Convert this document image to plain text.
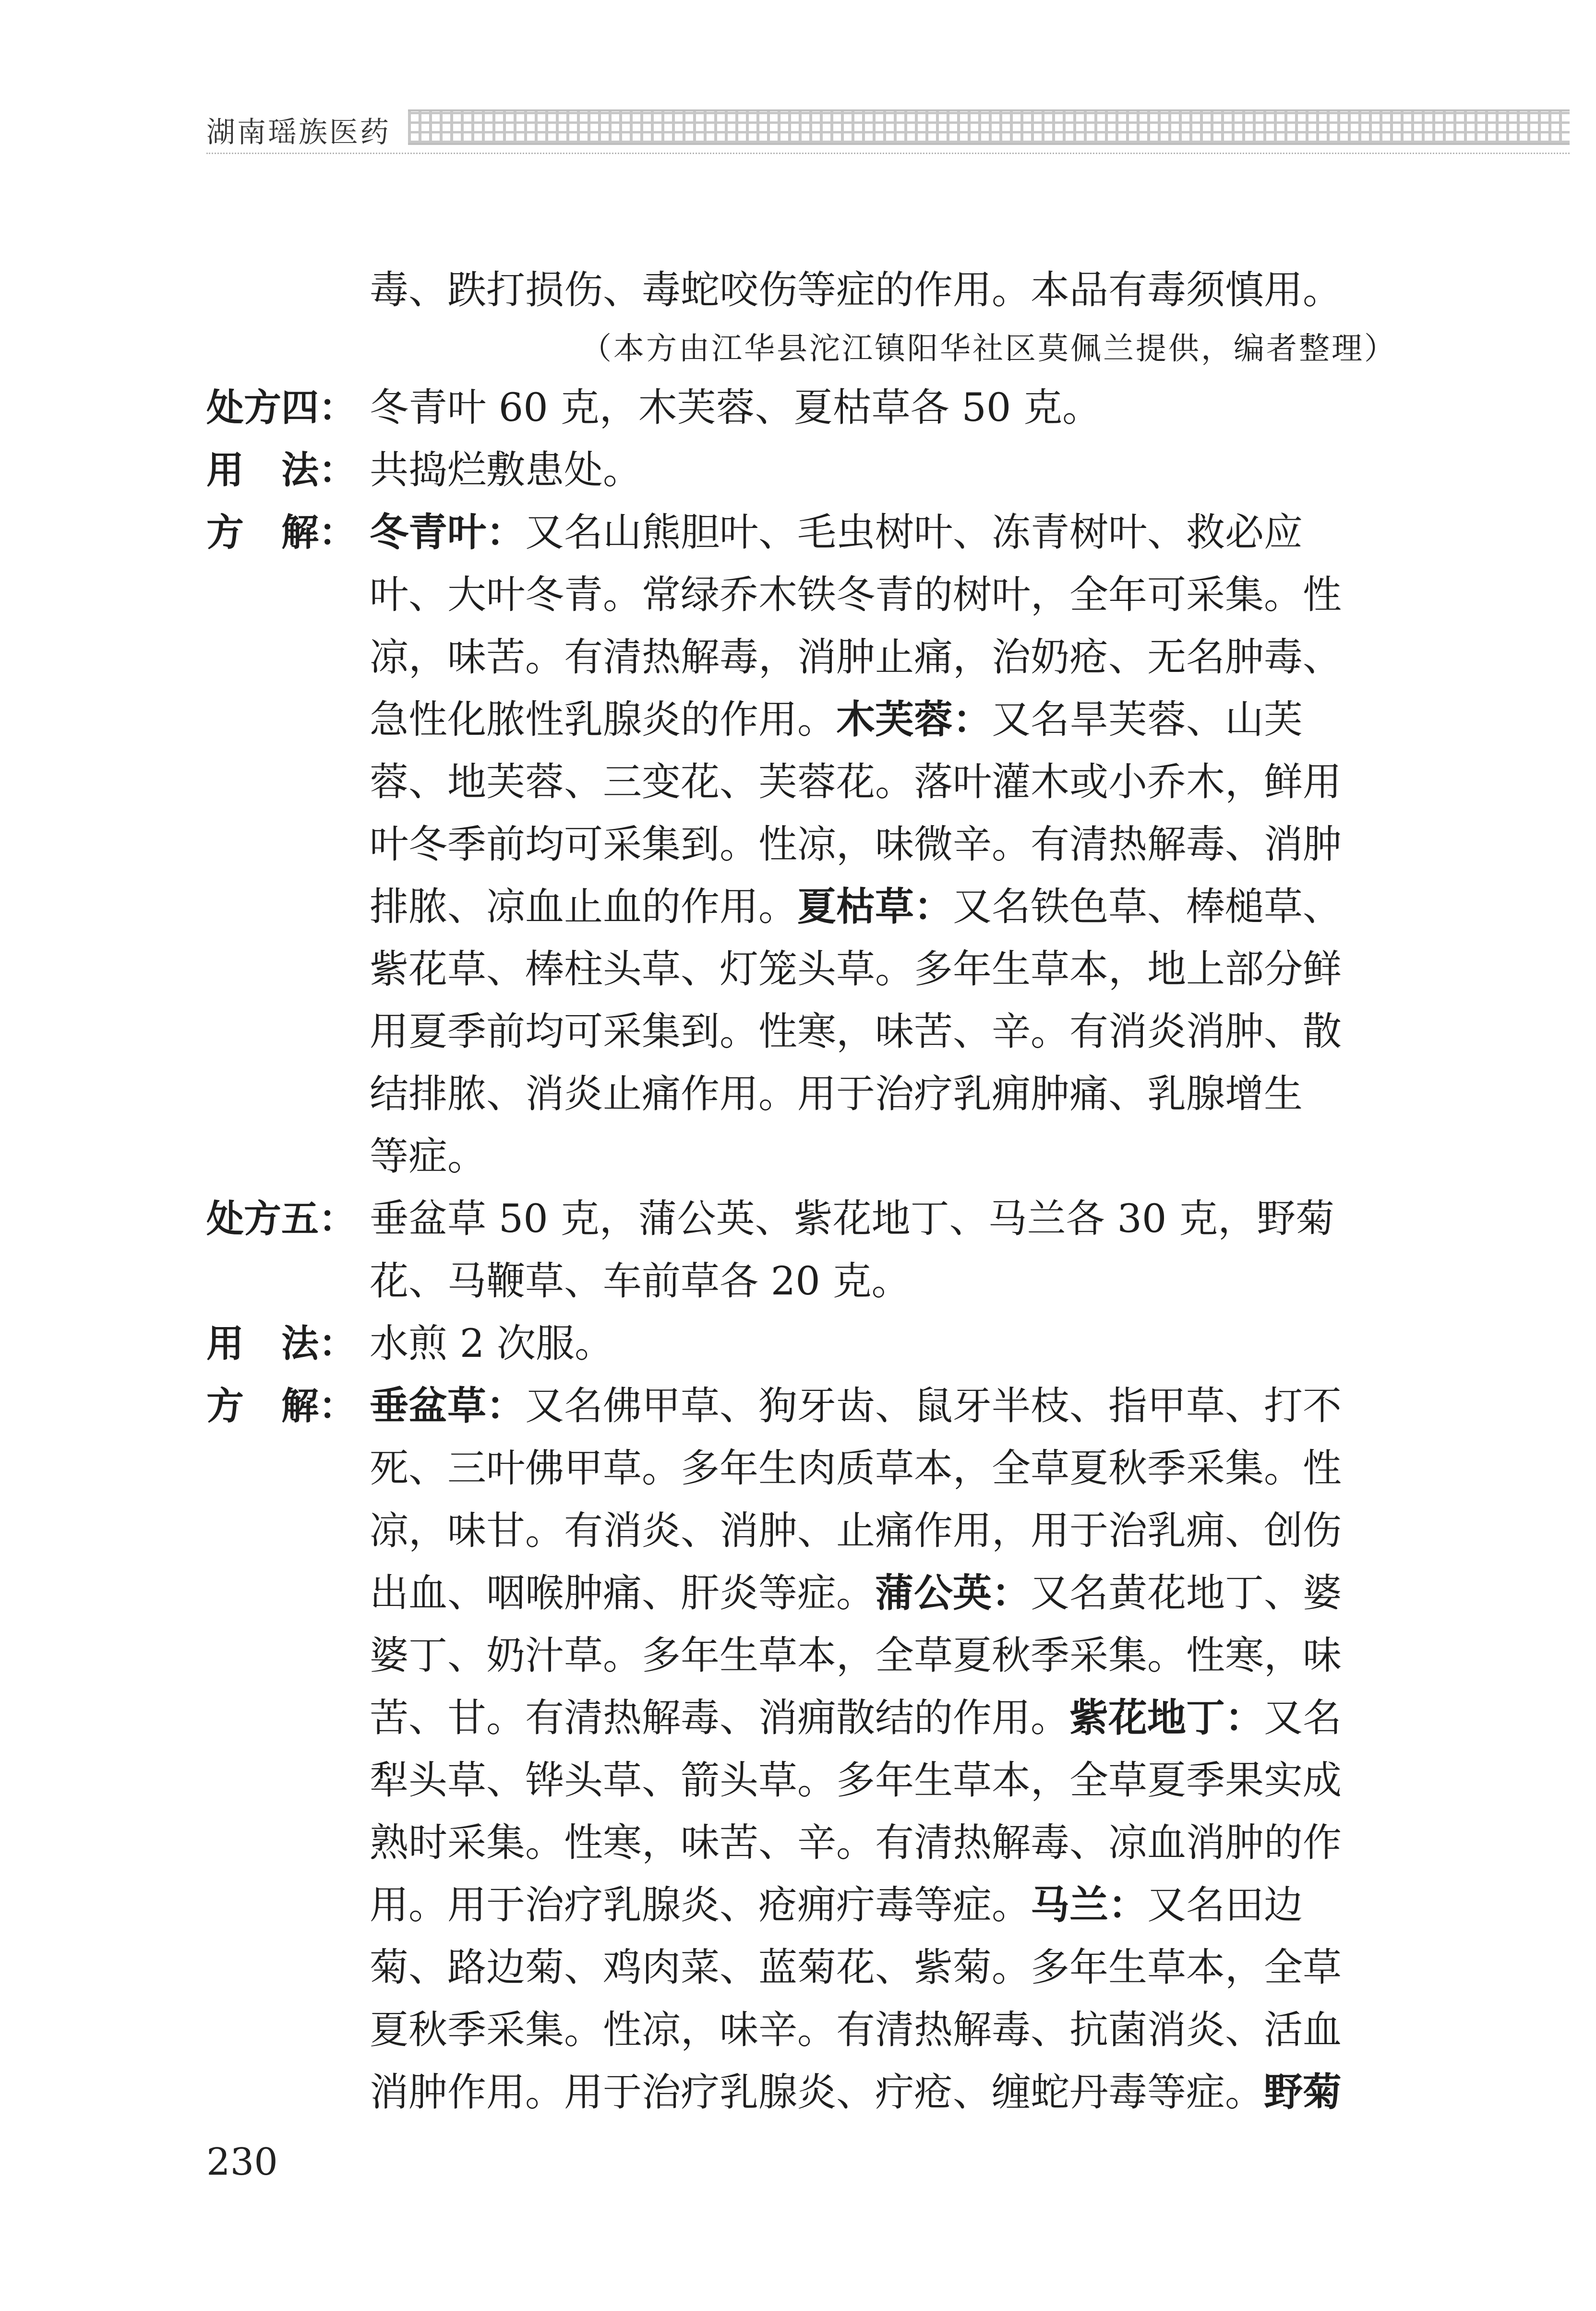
湖南瑶族医药
毒、跌打损伤、毒蛇咬伤等症的作用。本品有毒须慎用。
（本方由江华县沱江镇阳华社区莫佩兰提供，编者整理）
处方四： 冬青叶 60 克，木芙蓉、夏枯草各 50 克。
用　法： 共捣烂敷患处。
方　解： 冬青叶：又名山熊胆叶、毛虫树叶、冻青树叶、救必应
叶、大叶冬青。常绿乔木铁冬青的树叶，全年可采集。性
凉，味苦。有清热解毒，消肿止痛，治奶疮、无名肿毒、
急性化脓性乳腺炎的作用。木芙蓉：又名旱芙蓉、山芙
蓉、地芙蓉、三变花、芙蓉花。落叶灌木或小乔木，鲜用
叶冬季前均可采集到。性凉，味微辛。有清热解毒、消肿
排脓、凉血止血的作用。夏枯草：又名铁色草、棒槌草、
紫花草、棒柱头草、灯笼头草。多年生草本，地上部分鲜
用夏季前均可采集到。性寒，味苦、辛。有消炎消肿、散
结排脓、消炎止痛作用。用于治疗乳痈肿痛、乳腺增生
等症。
处方五： 垂盆草 50 克，蒲公英、紫花地丁、马兰各 30 克，野菊
花、马鞭草、车前草各 20 克。
用　法： 水煎 2 次服。
方　解： 垂盆草：又名佛甲草、狗牙齿、鼠牙半枝、指甲草、打不
死、三叶佛甲草。多年生肉质草本，全草夏秋季采集。性
凉，味甘。有消炎、消肿、止痛作用，用于治乳痈、创伤
出血、咽喉肿痛、肝炎等症。蒲公英：又名黄花地丁、婆
婆丁、奶汁草。多年生草本，全草夏秋季采集。性寒，味
苦、甘。有清热解毒、消痈散结的作用。紫花地丁：又名
犁头草、铧头草、箭头草。多年生草本，全草夏季果实成
熟时采集。性寒，味苦、辛。有清热解毒、凉血消肿的作
用。用于治疗乳腺炎、疮痈疔毒等症。马兰：又名田边
菊、路边菊、鸡肉菜、蓝菊花、紫菊。多年生草本，全草
夏秋季采集。性凉，味辛。有清热解毒、抗菌消炎、活血
消肿作用。用于治疗乳腺炎、疔疮、缠蛇丹毒等症。野菊
230
